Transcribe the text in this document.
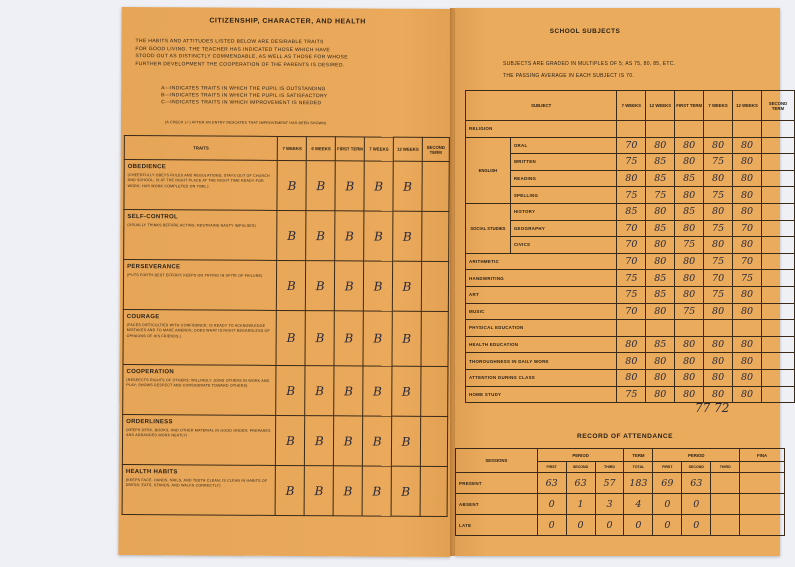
CITIZENSHIP, CHARACTER, AND HEALTH
THE HABITS AND ATTITUDES LISTED BELOW ARE DESIRABLE TRAITS
FOR GOOD LIVING. THE TEACHER HAS INDICATED THOSE WHICH HAVE
STOOD OUT AS DISTINCTLY COMMENDABLE, AS WELL AS THOSE FOR WHOSE
FURTHER DEVELOPMENT THE COOPERATION OF THE PARENTS IS DESIRED.
A—INDICATES TRAITS IN WHICH THE PUPIL IS OUTSTANDING
B—INDICATES TRAITS IN WHICH THE PUPIL IS SATISFACTORY
C—INDICATES TRAITS IN WHICH IMPROVEMENT IS NEEDED
(A CHECK (✓) AFTER AN ENTRY INDICATES THAT IMPROVEMENT HAS BEEN SHOWN)
TRAITS	7 WEEKS	6 WEEKS	FIRST TERM	7 WEEKS	12 WEEKS	SECOND TERM

OBEDIENCE
(CHEERFULLY OBEYS RULES AND REGULATIONS; STAYS OUT OF CHURCH AND SCHOOL; IS AT THE RIGHT PLACE AT THE RIGHT TIME READY FOR WORK; HAS WORK COMPLETED ON TIME.)	B	B	B	B	B	

SELF-CONTROL
(USUALLY THINKS BEFORE ACTING; RESTRAINS NASTY IMPULSES)	B	B	B	B	B	

PERSEVERANCE
(PUTS FORTH BEST EFFORT; KEEPS ON TRYING IN SPITE OF FAILURE)	B	B	B	B	B	

COURAGE
(FACES DIFFICULTIES WITH CONFIDENCE; IS READY TO ACKNOWLEDGE MISTAKES AND TO MAKE AMENDS; DOES WHAT IS RIGHT REGARDLESS OF OPINIONS OF HIS FRIENDS.)	B	B	B	B	B	

COOPERATION
(RESPECTS RIGHTS OF OTHERS; WILLINGLY JOINS OTHERS IN WORK AND PLAY; SHOWS RESPECT AND CONSIDERATE TOWARD OTHERS)	B	B	B	B	B	

ORDERLINESS
(KEEPS DESK, BOOKS, AND OTHER MATERIAL IN GOOD ORDER; PREPARES AND ARRANGES WORK NEATLY)	B	B	B	B	B	

HEALTH HABITS
(KEEPS FACE, HANDS, NAILS, AND TEETH CLEAN; IS CLEAN IN HABITS OF DRESS; EATS, STANDS, AND WALKS CORRECTLY)	B	B	B	B	B	
SCHOOL SUBJECTS
SUBJECTS ARE GRADED IN MULTIPLES OF 5; AS 75, 80, 85, ETC.
THE PASSING AVERAGE IN EACH SUBJECT IS 70.
SUBJECT		7 WEEKS	12 WEEKS	FIRST TERM	7 WEEKS	12 WEEKS	SECOND TERM
RELIGION							
ENGLISH	ORAL	70	80	80	80	80	
	WRITTEN	75	85	80	75	80	
	READING	80	85	85	80	80	
	SPELLING	75	75	80	75	80	
SOCIAL STUDIES	HISTORY	85	80	85	80	80	
	GEOGRAPHY	70	85	80	75	70	
	CIVICS	70	80	75	80	80	
ARITHMETIC		70	80	80	75	70	
HANDWRITING		75	85	80	70	75	
ART		75	85	80	75	80	
MUSIC		70	80	75	80	80	
PHYSICAL EDUCATION							
HEALTH EDUCATION		80	85	80	80	80	
THOROUGHNESS IN DAILY WORK		80	80	80	80	80	
ATTENTION DURING CLASS		80	80	80	80	80	
HOME STUDY		75	80	80	80	80	
77 72
RECORD OF ATTENDANCE
SESSIONS	PERIOD			TERM	PERIOD			FINA
	FIRST	SECOND	THIRD	TOTAL	FIRST	SECOND	THIRD	
PRESENT	63	63	57	183	69	63		
ABSENT	0	1	3	4	0	0		
LATE	0	0	0	0	0	0		
